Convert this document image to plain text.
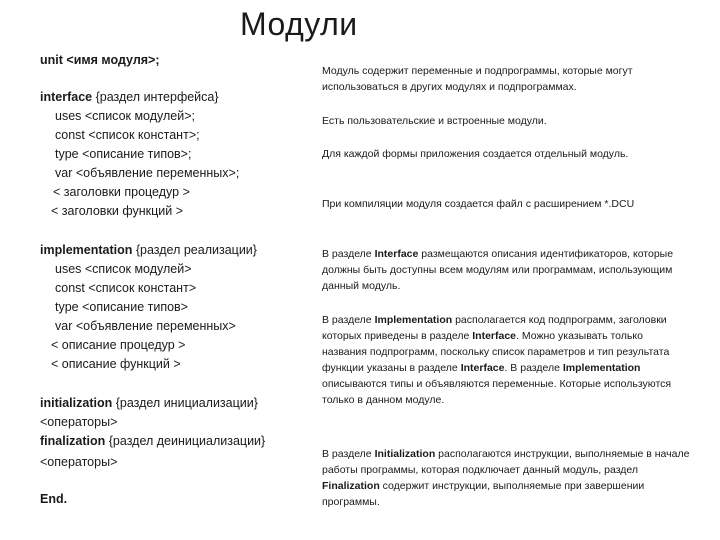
Модули
unit <имя модуля>;
interface {раздел интерфейса}
uses <список модулей>;
const <список констант>;
type <описание типов>;
var <объявление переменных>;
< заголовки процедур >
< заголовки функций >
implementation {раздел реализации}
uses <список модулей>
const <список констант>
type <описание типов>
var <объявление переменных>
< описание процедур >
< описание функций >
initialization {раздел инициализации}
<операторы>
finalization {раздел деинициализации}
<операторы>
End.
Модуль содержит переменные и подпрограммы, которые могут использоваться в других модулях и подпрограммах.
Есть пользовательские и встроенные модули.
Для каждой формы приложения создается отдельный модуль.
При компиляции модуля создается файл с расширением *.DCU
В разделе Interface размещаются описания идентификаторов, которые должны быть доступны всем модулям или программам, использующим данный модуль.
В разделе Implementation располагается код подпрограмм, заголовки которых приведены в разделе Interface. Можно указывать только названия подпрограмм, поскольку список параметров и тип результата функции указаны в разделе Interface. В разделе Implementation описываются типы и объявляются переменные. Которые используются только в данном модуле.
В разделе Initialization располагаются инструкции, выполняемые в начале работы программы, которая подключает данный модуль, раздел Finalization содержит инструкции, выполняемые при завершении программы.
